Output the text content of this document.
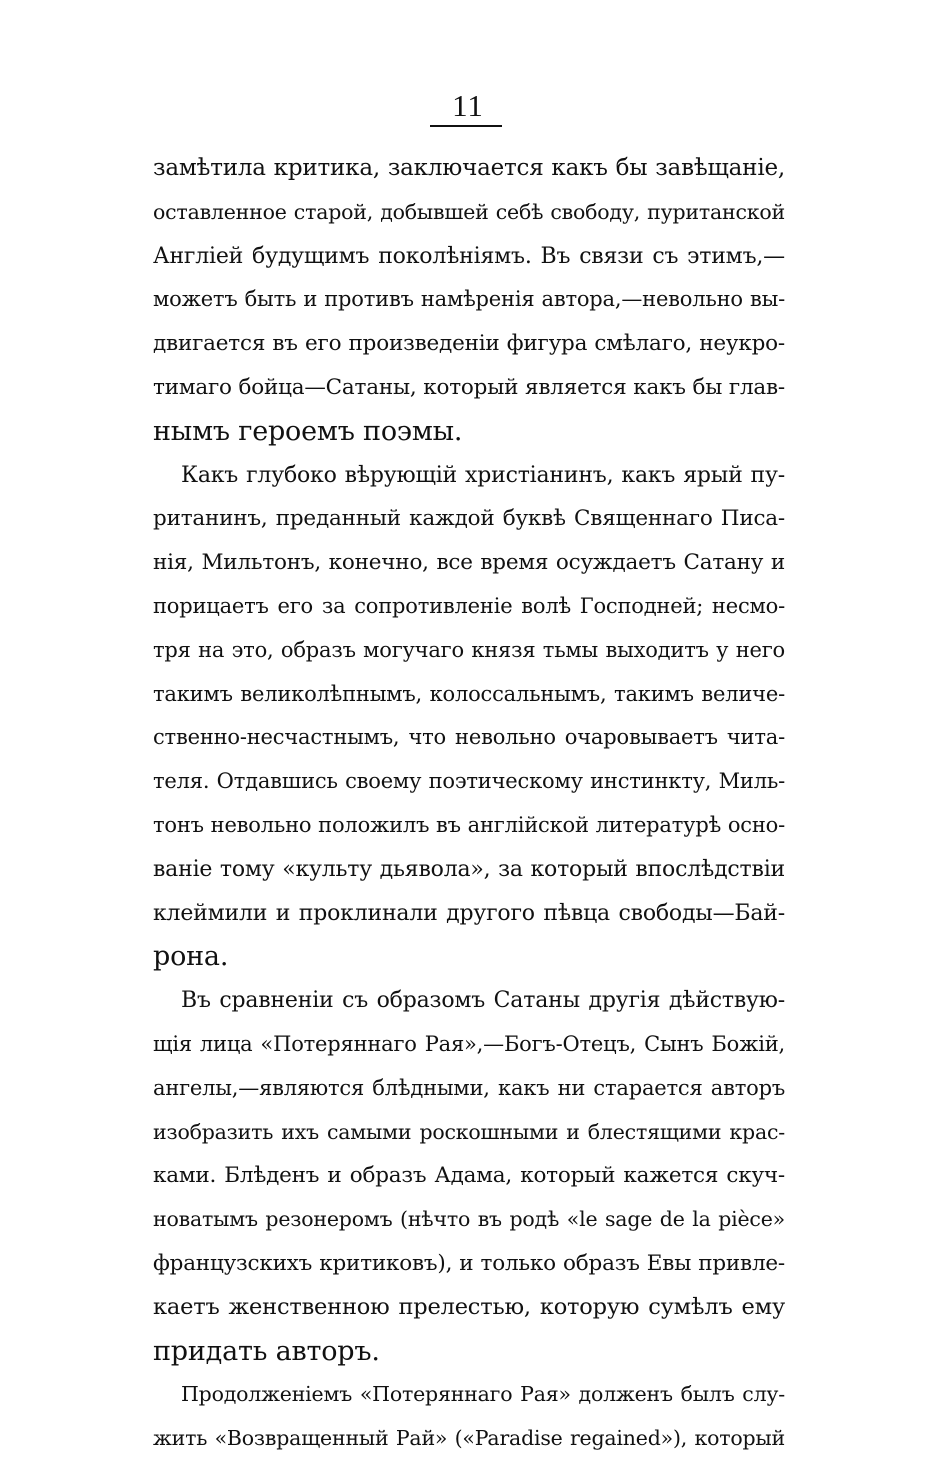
11
замѣтила критика, заключается какъ бы завѣщаніе,
оставленное старой, добывшей себѣ свободу, пуританской
Англіей будущимъ поколѣніямъ. Въ связи съ этимъ,—
можетъ быть и противъ намѣренія автора,—невольно вы-
двигается въ его произведеніи фигура смѣлаго, неукро-
тимаго бойца—Сатаны, который является какъ бы глав-
нымъ героемъ поэмы.
Какъ глубоко вѣрующій христіанинъ, какъ ярый пу-
ританинъ, преданный каждой буквѣ Священнаго Писа-
нія, Мильтонъ, конечно, все время осуждаетъ Сатану и
порицаетъ его за сопротивленіе волѣ Господней; несмо-
тря на это, образъ могучаго князя тьмы выходитъ у него
такимъ великолѣпнымъ, колоссальнымъ, такимъ величе-
ственно-несчастнымъ, что невольно очаровываетъ чита-
теля. Отдавшись своему поэтическому инстинкту, Миль-
тонъ невольно положилъ въ англійской литературѣ осно-
ваніе тому «культу дьявола», за который впослѣдствіи
клеймили и проклинали другого пѣвца свободы—Бай-
рона.
Въ сравненіи съ образомъ Сатаны другія дѣйствую-
щія лица «Потеряннаго Рая»,—Богъ-Отецъ, Сынъ Божій,
ангелы,—являются блѣдными, какъ ни старается авторъ
изобразить ихъ самыми роскошными и блестящими крас-
ками. Блѣденъ и образъ Адама, который кажется скуч-
новатымъ резонеромъ (нѣчто въ родѣ «le sage de la pièce»
французскихъ критиковъ), и только образъ Евы привле-
каетъ женственною прелестью, которую сумѣлъ ему
придать авторъ.
Продолженіемъ «Потеряннаго Рая» долженъ былъ слу-
жить «Возвращенный Рай» («Paradise regained»), который
